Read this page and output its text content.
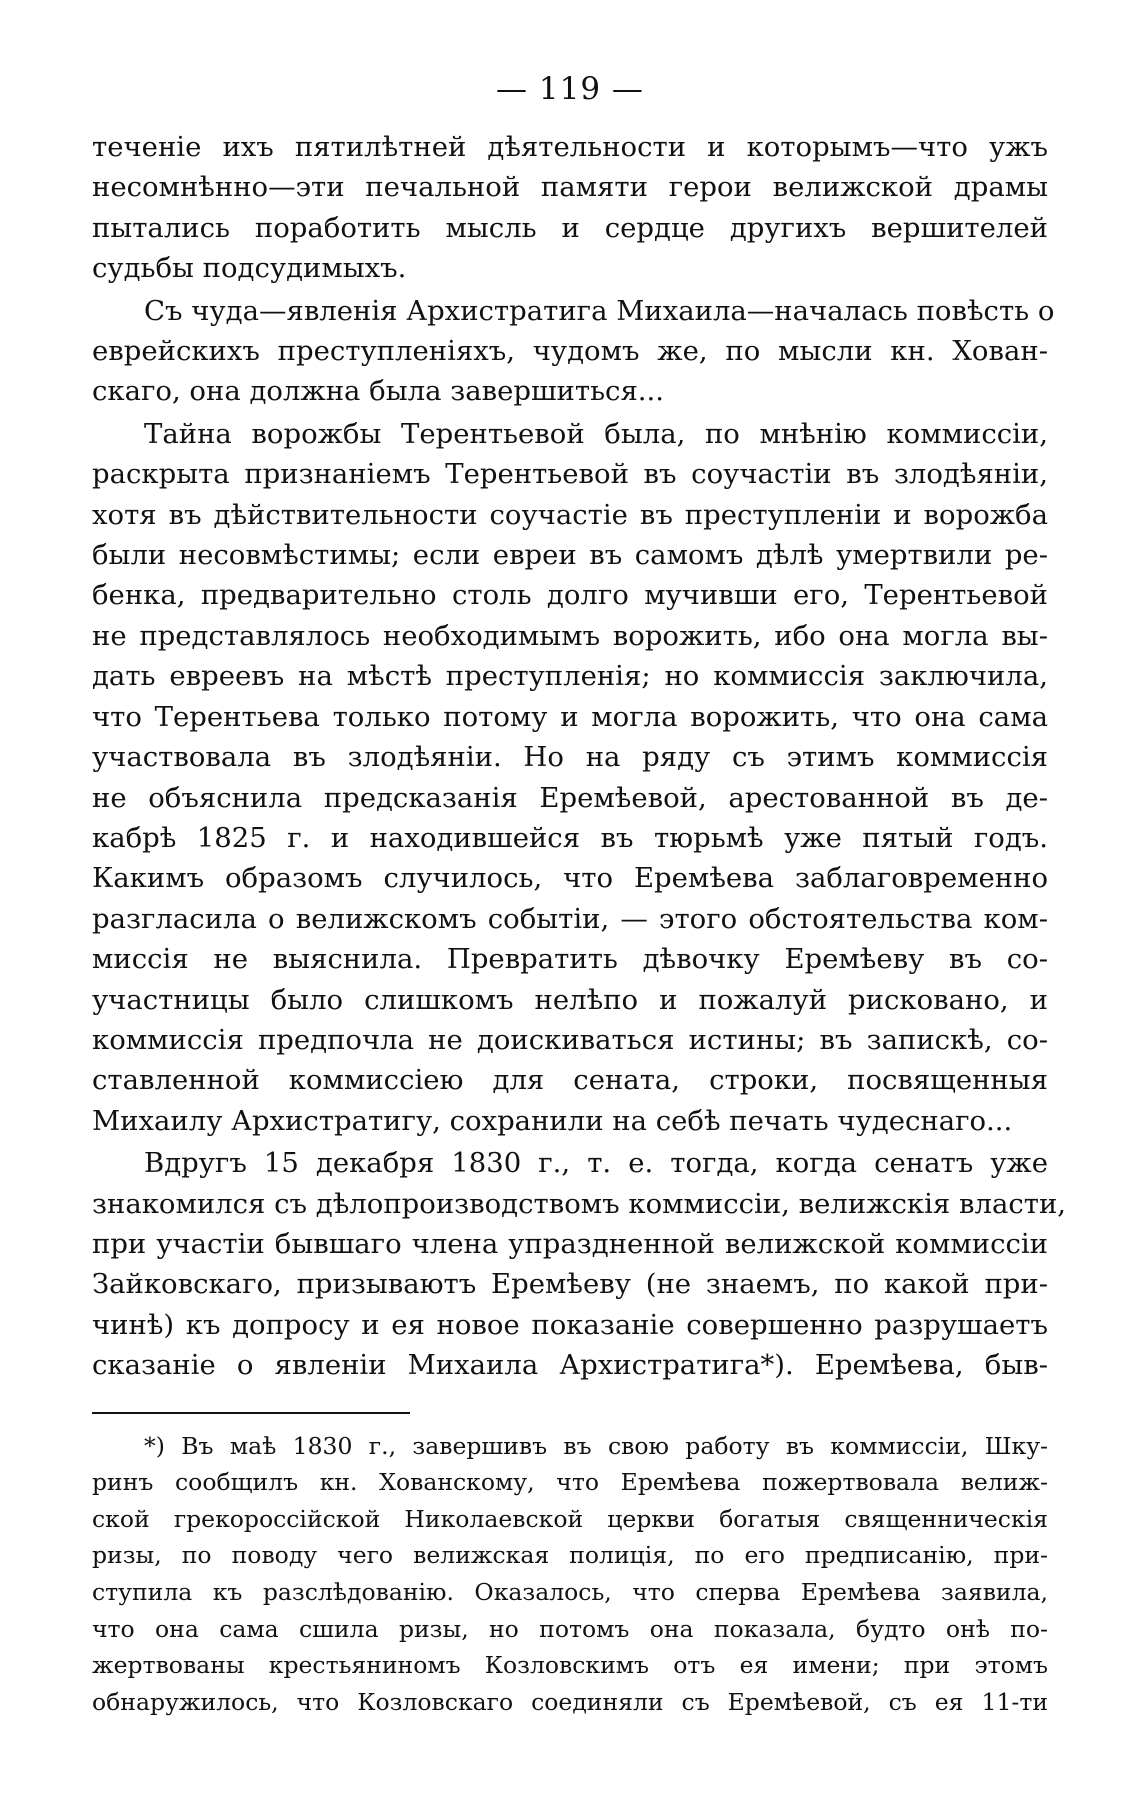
— 119 —

теченіе ихъ пятилѣтней дѣятельности и которымъ—что ужъ

несомнѣнно—эти печальной памяти герои велижской драмы

пытались поработить мысль и сердце другихъ вершителей

судьбы подсудимыхъ.

Съ чуда—явленія Архистратига Михаила—началась повѣсть о

еврейскихъ преступленіяхъ, чудомъ же, по мысли кн. Хован-

скаго, она должна была завершиться...

Тайна ворожбы Терентьевой была, по мнѣнію коммиссіи,

раскрыта признаніемъ Терентьевой въ соучастіи въ злодѣяніи,

хотя въ дѣйствительности соучастіе въ преступленіи и ворожба

были несовмѣстимы; если евреи въ самомъ дѣлѣ умертвили ре-

бенка, предварительно столь долго мучивши его, Терентьевой

не представлялось необходимымъ ворожить, ибо она могла вы-

дать евреевъ на мѣстѣ преступленія; но коммиссія заключила,

что Терентьева только потому и могла ворожить, что она сама

участвовала въ злодѣяніи. Но на ряду съ этимъ коммиссія

не объяснила предсказанія Еремѣевой, арестованной въ де-

кабрѣ 1825 г. и находившейся въ тюрьмѣ уже пятый годъ.

Какимъ образомъ случилось, что Еремѣева заблаговременно

разгласила о велижскомъ событіи, — этого обстоятельства ком-

миссія не выяснила. Превратить дѣвочку Еремѣеву въ со-

участницы было слишкомъ нелѣпо и пожалуй рисковано, и

коммиссія предпочла не доискиваться истины; въ запискѣ, со-

ставленной коммиссіею для сената, строки, посвященныя

Михаилу Архистратигу, сохранили на себѣ печать чудеснаго...

Вдругъ 15 декабря 1830 г., т. е. тогда, когда сенатъ уже

знакомился съ дѣлопроизводствомъ коммиссіи, велижскія власти,

при участіи бывшаго члена упраздненной велижской коммиссіи

Зайковскаго, призываютъ Еремѣеву (не знаемъ, по какой при-

чинѣ) къ допросу и ея новое показаніе совершенно разрушаетъ

сказаніе о явленіи Михаила Архистратига*). Еремѣева, быв-

*) Въ маѣ 1830 г., завершивъ въ свою работу въ коммиссіи, Шку-

ринъ сообщилъ кн. Хованскому, что Еремѣева пожертвовала велиж-

ской грекороссійской Николаевской церкви богатыя священническія

ризы, по поводу чего велижская полиція, по его предписанію, при-

ступила къ разслѣдованію. Оказалось, что сперва Еремѣева заявила,

что она сама сшила ризы, но потомъ она показала, будто онѣ по-

жертвованы крестьяниномъ Козловскимъ отъ ея имени; при этомъ

обнаружилось, что Козловскаго соединяли съ Еремѣевой, съ ея 11-ти
